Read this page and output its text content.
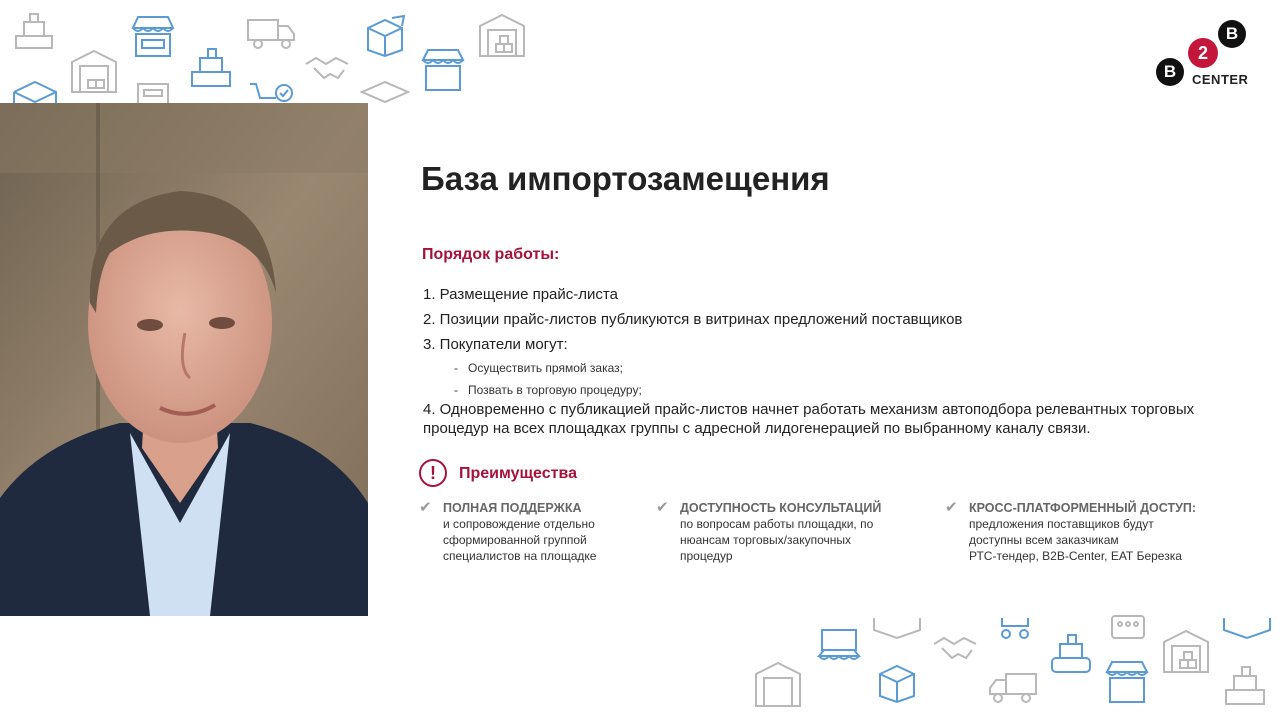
B
2
B
CENTER
База импортозамещения
Порядок работы:
1. Размещение прайс-листа
2. Позиции прайс-листов публикуются в витринах предложений поставщиков
3. Покупатели могут:
- Осуществить прямой заказ;
- Позвать в торговую процедуру;
4. Одновременно с публикацией прайс-листов начнет работать механизм автоподбора релевантных торговых процедур на всех площадках группы с адресной лидогенерацией по выбранному каналу связи.
!	Преимущества
✔ ПОЛНАЯ ПОДДЕРЖКА
и сопровождение отдельно
сформированной группой
специалистов на площадке
✔ ДОСТУПНОСТЬ КОНСУЛЬТАЦИЙ
по вопросам работы площадки, по
нюансам торговых/закупочных
процедур
✔ КРОСС-ПЛАТФОРМЕННЫЙ ДОСТУП:
предложения поставщиков будут
доступны всем заказчикам
РТС-тендер, B2B-Center, ЕАТ Березка
